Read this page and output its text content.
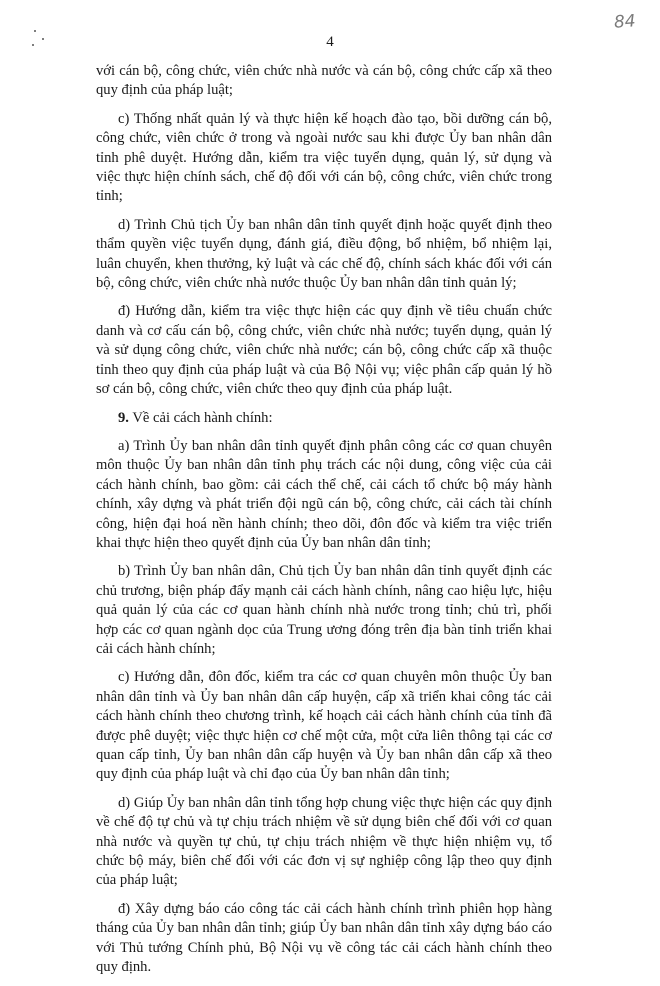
4
84

với cán bộ, công chức, viên chức nhà nước và cán bộ, công chức cấp xã theo quy định của pháp luật;

c) Thống nhất quản lý và thực hiện kế hoạch đào tạo, bồi dưỡng cán bộ, công chức, viên chức ở trong và ngoài nước sau khi được Ủy ban nhân dân tỉnh phê duyệt. Hướng dẫn, kiểm tra việc tuyển dụng, quản lý, sử dụng và việc thực hiện chính sách, chế độ đối với cán bộ, công chức, viên chức trong tỉnh;

d) Trình Chủ tịch Ủy ban nhân dân tỉnh quyết định hoặc quyết định theo thẩm quyền việc tuyển dụng, đánh giá, điều động, bổ nhiệm, bổ nhiệm lại, luân chuyển, khen thưởng, kỷ luật và các chế độ, chính sách khác đối với cán bộ, công chức, viên chức nhà nước thuộc Ủy ban nhân dân tỉnh quản lý;

đ) Hướng dẫn, kiểm tra việc thực hiện các quy định về tiêu chuẩn chức danh và cơ cấu cán bộ, công chức, viên chức nhà nước; tuyển dụng, quản lý và sử dụng công chức, viên chức nhà nước; cán bộ, công chức cấp xã thuộc tỉnh theo quy định của pháp luật và của Bộ Nội vụ; việc phân cấp quản lý hồ sơ cán bộ, công chức, viên chức theo quy định của pháp luật.

9. Về cải cách hành chính:

a) Trình Ủy ban nhân dân tỉnh quyết định phân công các cơ quan chuyên môn thuộc Ủy ban nhân dân tỉnh phụ trách các nội dung, công việc của cải cách hành chính, bao gồm: cải cách thể chế, cải cách tổ chức bộ máy hành chính, xây dựng và phát triển đội ngũ cán bộ, công chức, cải cách tài chính công, hiện đại hoá nền hành chính; theo dõi, đôn đốc và kiểm tra việc triển khai thực hiện theo quyết định của Ủy ban nhân dân tỉnh;

b) Trình Ủy ban nhân dân, Chủ tịch Ủy ban nhân dân tỉnh quyết định các chủ trương, biện pháp đẩy mạnh cải cách hành chính, nâng cao hiệu lực, hiệu quả quản lý của các cơ quan hành chính nhà nước trong tỉnh; chủ trì, phối hợp các cơ quan ngành dọc của Trung ương đóng trên địa bàn tỉnh triển khai cải cách hành chính;

c) Hướng dẫn, đôn đốc, kiểm tra các cơ quan chuyên môn thuộc Ủy ban nhân dân tỉnh và Ủy ban nhân dân cấp huyện, cấp xã triển khai công tác cải cách hành chính theo chương trình, kế hoạch cải cách hành chính của tỉnh đã được phê duyệt; việc thực hiện cơ chế một cửa, một cửa liên thông tại các cơ quan cấp tỉnh, Ủy ban nhân dân cấp huyện và Ủy ban nhân dân cấp xã theo quy định của pháp luật và chỉ đạo của Ủy ban nhân dân tỉnh;

d) Giúp Ủy ban nhân dân tỉnh tổng hợp chung việc thực hiện các quy định về chế độ tự chủ và tự chịu trách nhiệm về sử dụng biên chế đối với cơ quan nhà nước và quyền tự chủ, tự chịu trách nhiệm về thực hiện nhiệm vụ, tổ chức bộ máy, biên chế đối với các đơn vị sự nghiệp công lập theo quy định của pháp luật;

đ) Xây dựng báo cáo công tác cải cách hành chính trình phiên họp hàng tháng của Ủy ban nhân dân tỉnh; giúp Ủy ban nhân dân tỉnh xây dựng báo cáo với Thủ tướng Chính phủ, Bộ Nội vụ về công tác cải cách hành chính theo quy định.
